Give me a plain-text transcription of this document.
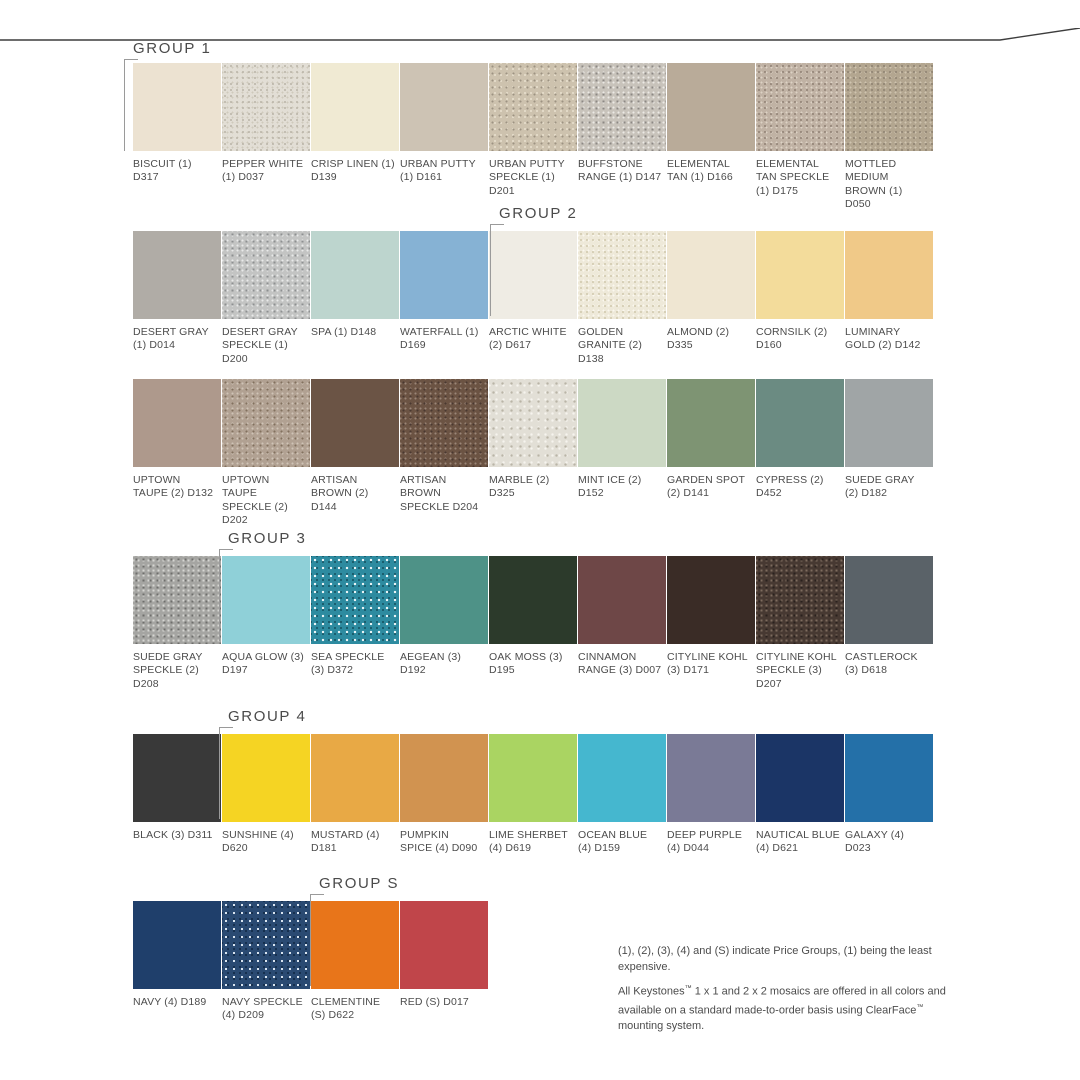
GROUP 1
BISCUIT (1) D317
PEPPER WHITE (1) D037
CRISP LINEN (1) D139
URBAN PUTTY (1) D161
URBAN PUTTY SPECKLE (1) D201
BUFFSTONE RANGE (1) D147
ELEMENTAL TAN (1) D166
ELEMENTAL TAN SPECKLE (1) D175
MOTTLED MEDIUM BROWN (1) D050
GROUP 2
DESERT GRAY (1) D014
DESERT GRAY SPECKLE (1) D200
SPA (1) D148	WATERFALL (1) D169
ARCTIC WHITE (2) D617
GOLDEN GRANITE (2) D138
ALMOND (2) D335
CORNSILK (2) D160
LUMINARY GOLD (2) D142
UPTOWN TAUPE (2) D132
UPTOWN TAUPE SPECKLE (2) D202
ARTISAN BROWN (2) D144
ARTISAN BROWN SPECKLE D204
MARBLE (2) D325
MINT ICE (2) D152
GARDEN SPOT (2) D141
CYPRESS (2) D452
SUEDE GRAY (2) D182
GROUP 3
SUEDE GRAY SPECKLE (2) D208
AQUA GLOW (3) D197
SEA SPECKLE (3) D372
AEGEAN (3) D192
OAK MOSS (3) D195
CINNAMON RANGE (3) D007
CITYLINE KOHL (3) D171
CITYLINE KOHL SPECKLE (3) D207
CASTLEROCK (3) D618
GROUP 4
BLACK (3) D311 SUNSHINE (4) D620
MUSTARD (4) D181
PUMPKIN SPICE (4) D090
LIME SHERBET (4) D619
OCEAN BLUE (4) D159
DEEP PURPLE (4) D044
NAUTICAL BLUE (4) D621
GALAXY (4) D023
GROUP S
NAVY (4) D189	NAVY SPECKLE (4) D209
CLEMENTINE (S) D622
RED (S) D017

(1), (2), (3), (4) and (S) indicate Price Groups, (1) being the least expensive.

All Keystones™ 1 x 1 and 2 x 2 mosaics are offered in all colors and available on a standard made-to-order basis using ClearFace™ mounting system.
